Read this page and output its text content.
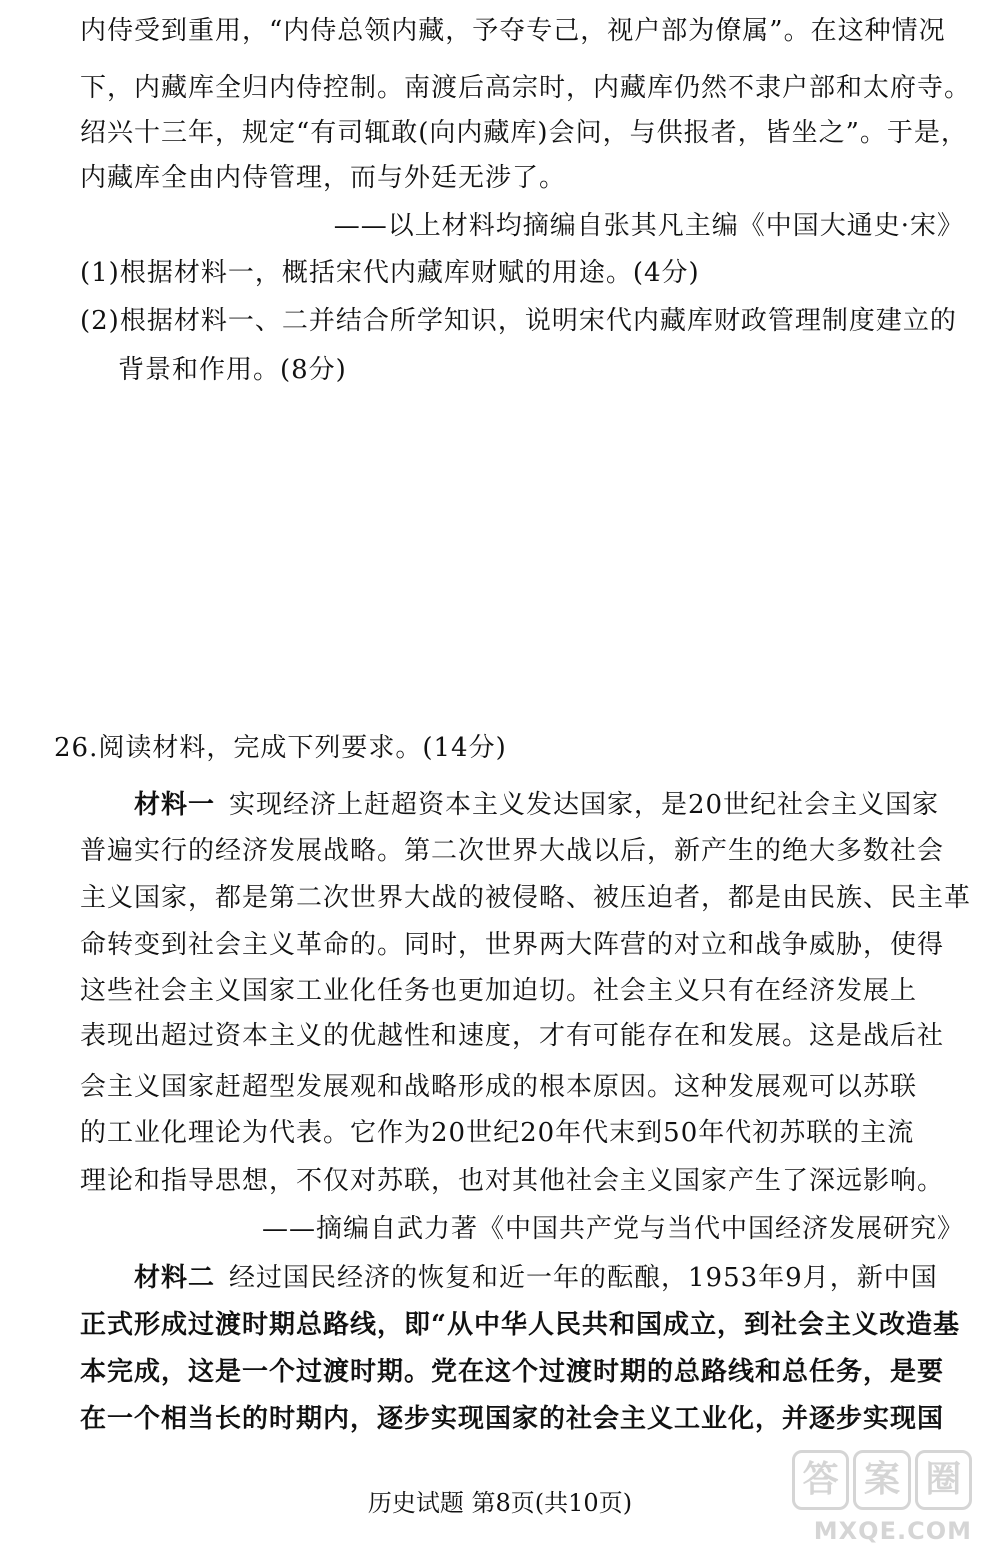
内侍受到重用，“内侍总领内藏，予夺专己，视户部为僚属”。在这种情况
下，内藏库全归内侍控制。南渡后高宗时，内藏库仍然不隶户部和太府寺。
绍兴十三年，规定“有司辄敢(向内藏库)会问，与供报者，皆坐之”。于是，
内藏库全由内侍管理，而与外廷无涉了。
——以上材料均摘编自张其凡主编《中国大通史·宋》
(1)根据材料一，概括宋代内藏库财赋的用途。(4分)
(2)根据材料一、二并结合所学知识，说明宋代内藏库财政管理制度建立的
背景和作用。(8分)
26.阅读材料，完成下列要求。(14分)
材料一 实现经济上赶超资本主义发达国家，是20世纪社会主义国家
普遍实行的经济发展战略。第二次世界大战以后，新产生的绝大多数社会
主义国家，都是第二次世界大战的被侵略、被压迫者，都是由民族、民主革
命转变到社会主义革命的。同时，世界两大阵营的对立和战争威胁，使得
这些社会主义国家工业化任务也更加迫切。社会主义只有在经济发展上
表现出超过资本主义的优越性和速度，才有可能存在和发展。这是战后社
会主义国家赶超型发展观和战略形成的根本原因。这种发展观可以苏联
的工业化理论为代表。它作为20世纪20年代末到50年代初苏联的主流
理论和指导思想，不仅对苏联，也对其他社会主义国家产生了深远影响。
——摘编自武力著《中国共产党与当代中国经济发展研究》
材料二 经过国民经济的恢复和近一年的酝酿，1953年9月，新中国
正式形成过渡时期总路线，即“从中华人民共和国成立，到社会主义改造基
本完成，这是一个过渡时期。党在这个过渡时期的总路线和总任务，是要
在一个相当长的时期内，逐步实现国家的社会主义工业化，并逐步实现国
历史试题 第8页(共10页)
答 案 圈
MXQE.COM
